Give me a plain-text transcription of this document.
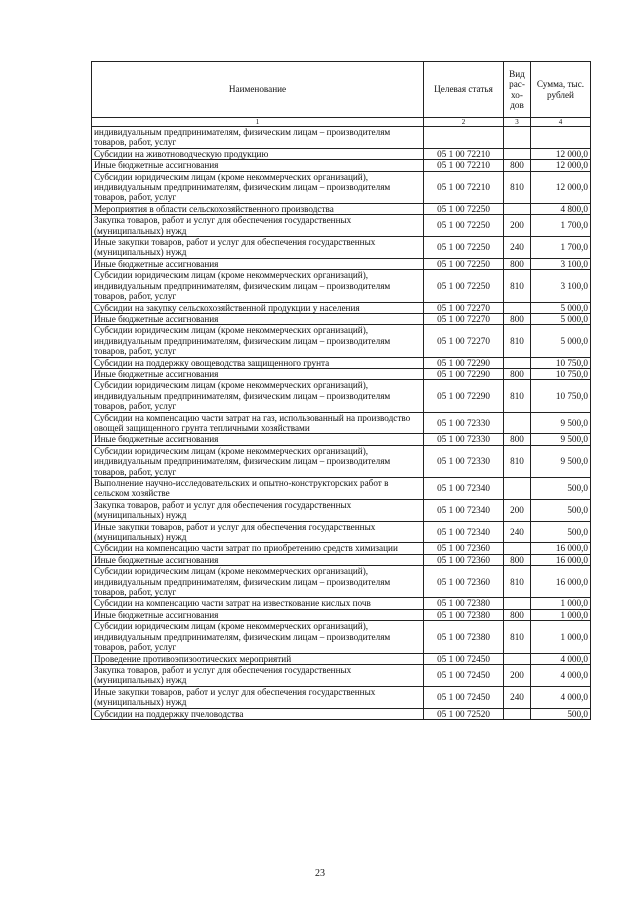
Наименование	Целевая статья	Вид рас- хо- дов	Сумма, тыс. рублей
1	2	3	4
индивидуальным предпринимателям, физическим лицам – производителям товаров, работ, услуг			
Субсидии на животноводческую продукцию	05 1 00 72210		12 000,0
Иные бюджетные ассигнования	05 1 00 72210	800	12 000,0
Субсидии юридическим лицам (кроме некоммерческих организаций), индивидуальным предпринимателям, физическим лицам – производителям товаров, работ, услуг	05 1 00 72210	810	12 000,0
Мероприятия в области сельскохозяйственного производства	05 1 00 72250		4 800,0
Закупка товаров, работ и услуг для обеспечения государственных (муниципальных) нужд	05 1 00 72250	200	1 700,0
Иные закупки товаров, работ и услуг для обеспечения государственных (муниципальных) нужд	05 1 00 72250	240	1 700,0
Иные бюджетные ассигнования	05 1 00 72250	800	3 100,0
Субсидии юридическим лицам (кроме некоммерческих организаций), индивидуальным предпринимателям, физическим лицам – производителям товаров, работ, услуг	05 1 00 72250	810	3 100,0
Субсидии на закупку сельскохозяйственной продукции у населения	05 1 00 72270		5 000,0
Иные бюджетные ассигнования	05 1 00 72270	800	5 000,0
Субсидии юридическим лицам (кроме некоммерческих организаций), индивидуальным предпринимателям, физическим лицам – производителям товаров, работ, услуг	05 1 00 72270	810	5 000,0
Субсидии на поддержку овощеводства защищенного грунта	05 1 00 72290		10 750,0
Иные бюджетные ассигнования	05 1 00 72290	800	10 750,0
Субсидии юридическим лицам (кроме некоммерческих организаций), индивидуальным предпринимателям, физическим лицам – производителям товаров, работ, услуг	05 1 00 72290	810	10 750,0
Субсидии на компенсацию части затрат на газ, использованный на производство овощей защищенного грунта тепличными хозяйствами	05 1 00 72330		9 500,0
Иные бюджетные ассигнования	05 1 00 72330	800	9 500,0
Субсидии юридическим лицам (кроме некоммерческих организаций), индивидуальным предпринимателям, физическим лицам – производителям товаров, работ, услуг	05 1 00 72330	810	9 500,0
Выполнение научно-исследовательских и опытно-конструкторских работ в сельском хозяйстве	05 1 00 72340		500,0
Закупка товаров, работ и услуг для обеспечения государственных (муниципальных) нужд	05 1 00 72340	200	500,0
Иные закупки товаров, работ и услуг для обеспечения государственных (муниципальных) нужд	05 1 00 72340	240	500,0
Субсидии на компенсацию части затрат по приобретению средств химизации	05 1 00 72360		16 000,0
Иные бюджетные ассигнования	05 1 00 72360	800	16 000,0
Субсидии юридическим лицам (кроме некоммерческих организаций), индивидуальным предпринимателям, физическим лицам – производителям товаров, работ, услуг	05 1 00 72360	810	16 000,0
Субсидии на компенсацию части затрат на известкование кислых почв	05 1 00 72380		1 000,0
Иные бюджетные ассигнования	05 1 00 72380	800	1 000,0
Субсидии юридическим лицам (кроме некоммерческих организаций), индивидуальным предпринимателям, физическим лицам – производителям товаров, работ, услуг	05 1 00 72380	810	1 000,0
Проведение противоэпизоотических мероприятий	05 1 00 72450		4 000,0
Закупка товаров, работ и услуг для обеспечения государственных (муниципальных) нужд	05 1 00 72450	200	4 000,0
Иные закупки товаров, работ и услуг для обеспечения государственных (муниципальных) нужд	05 1 00 72450	240	4 000,0
Субсидии на поддержку пчеловодства	05 1 00 72520		500,0
23
